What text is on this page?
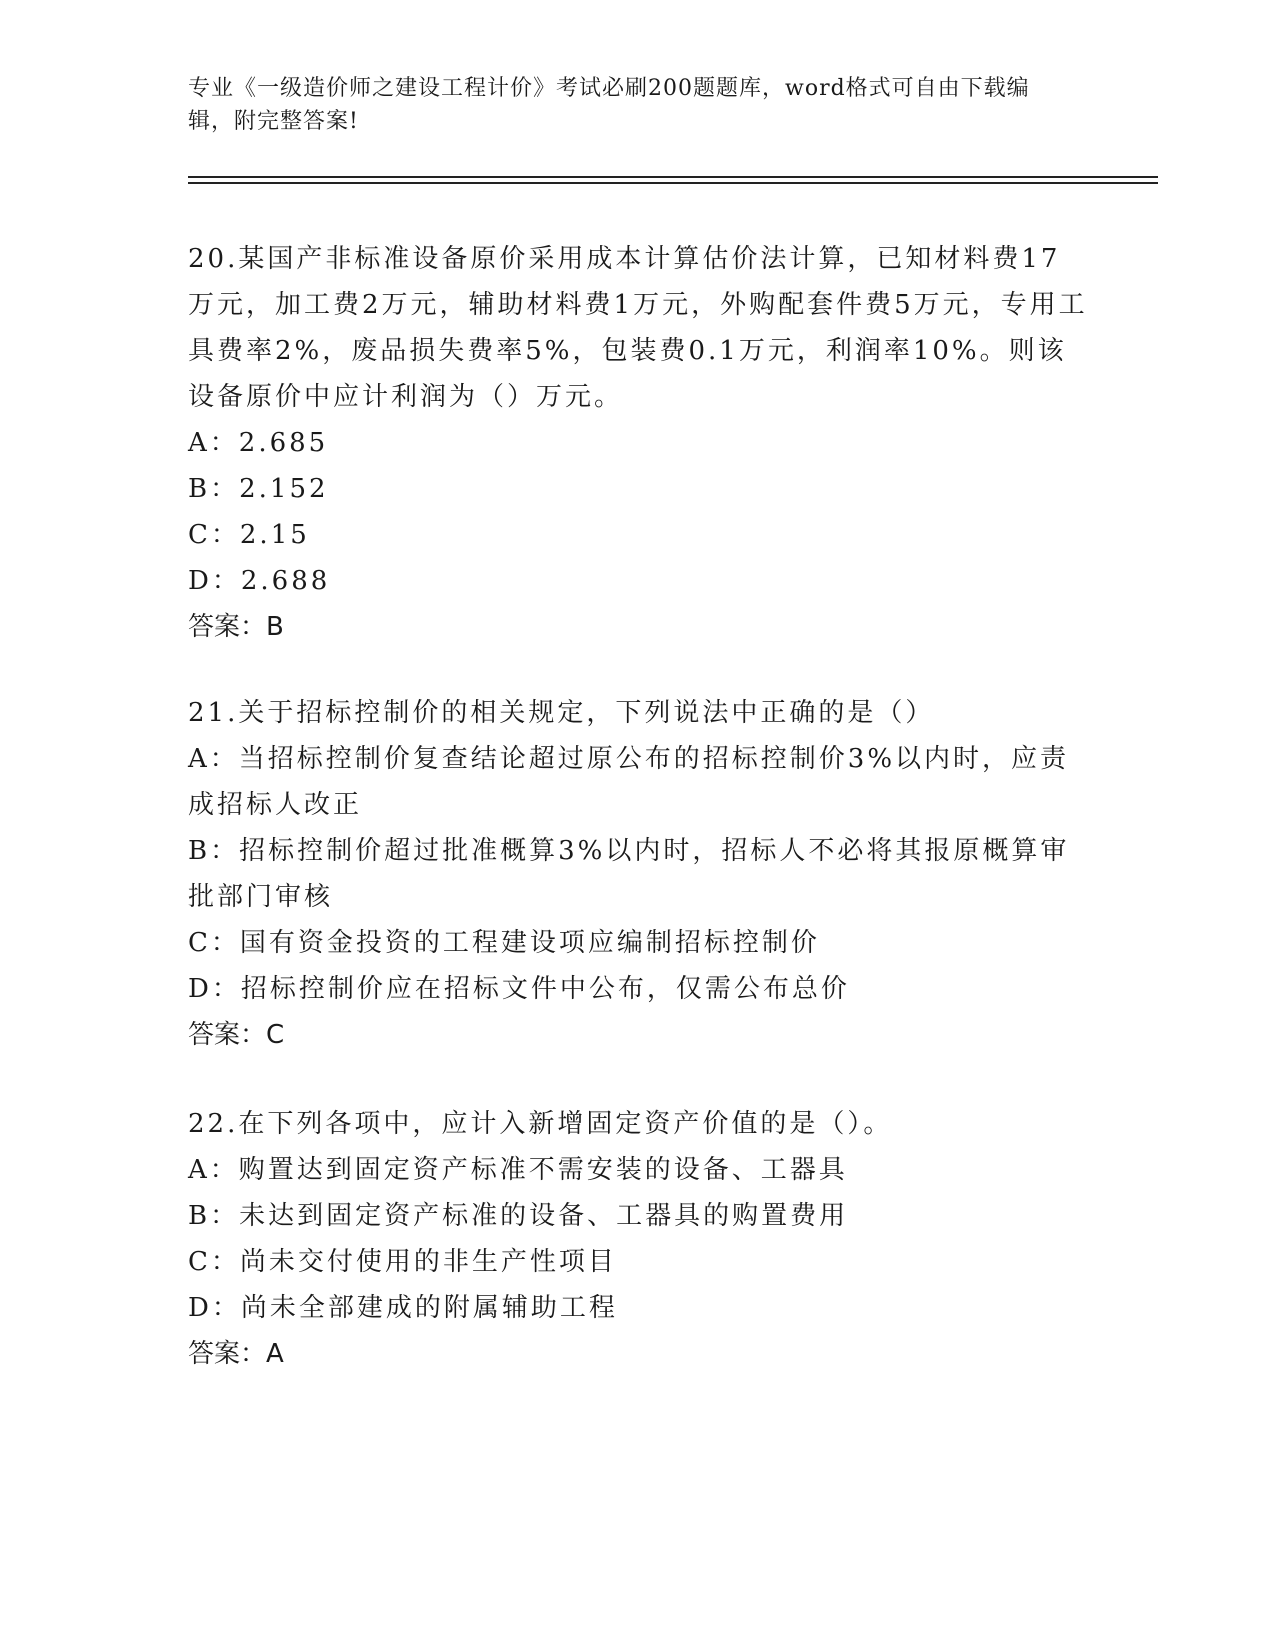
专业《一级造价师之建设工程计价》考试必刷200题题库，word格式可自由下载编辑，附完整答案!
20.某国产非标准设备原价采用成本计算估价法计算，已知材料费17万元，加工费2万元，辅助材料费1万元，外购配套件费5万元，专用工具费率2%，废品损失费率5%，包装费0.1万元，利润率10%。则该设备原价中应计利润为（）万元。
A：2.685
B：2.152
C：2.15
D：2.688
答案：B
21.关于招标控制价的相关规定，下列说法中正确的是（）
A：当招标控制价复查结论超过原公布的招标控制价3%以内时，应责成招标人改正
B：招标控制价超过批准概算3%以内时，招标人不必将其报原概算审批部门审核
C：国有资金投资的工程建设项应编制招标控制价
D：招标控制价应在招标文件中公布，仅需公布总价
答案：C
22.在下列各项中，应计入新增固定资产价值的是（）。
A：购置达到固定资产标准不需安装的设备、工器具
B：未达到固定资产标准的设备、工器具的购置费用
C：尚未交付使用的非生产性项目
D：尚未全部建成的附属辅助工程
答案：A
